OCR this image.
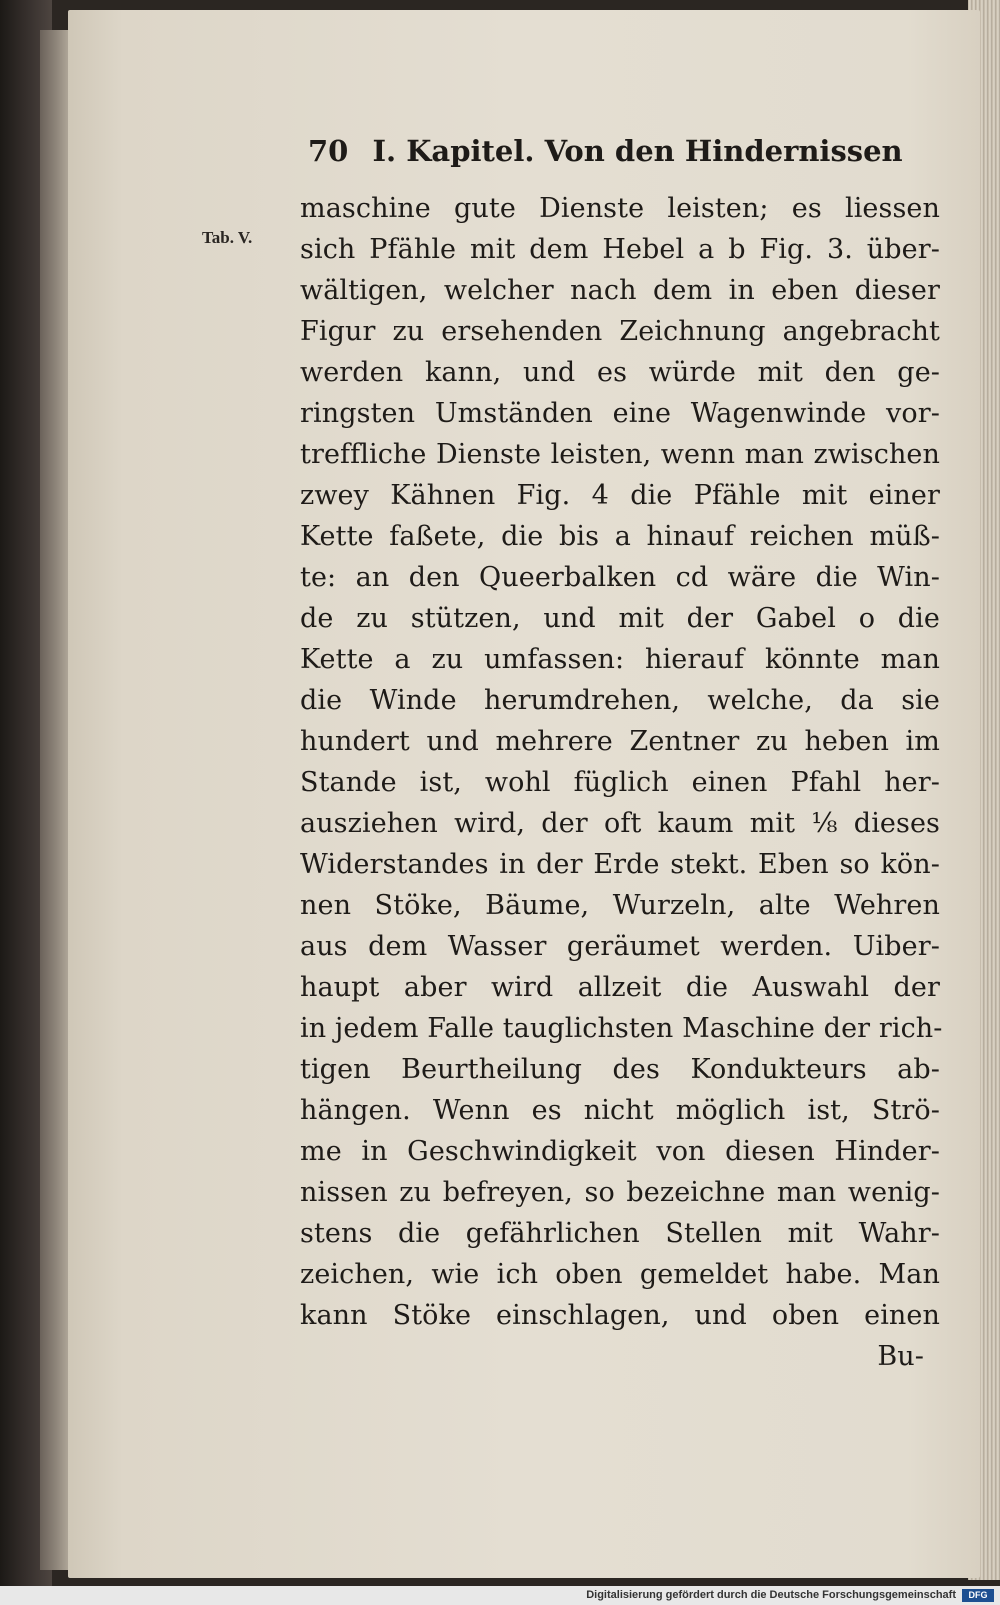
70 I. Kapitel. Von den Hindernissen
Tab. V.
maschine gute Dienste leisten; es liessen
sich Pfähle mit dem Hebel a b Fig. 3. über-
wältigen, welcher nach dem in eben dieser
Figur zu ersehenden Zeichnung angebracht
werden kann, und es würde mit den ge-
ringsten Umständen eine Wagenwinde vor-
treffliche Dienste leisten, wenn man zwischen
zwey Kähnen Fig. 4 die Pfähle mit einer
Kette faßete, die bis a hinauf reichen müß-
te: an den Queerbalken cd wäre die Win-
de zu stützen, und mit der Gabel o die
Kette a zu umfassen: hierauf könnte man
die Winde herumdrehen, welche, da sie
hundert und mehrere Zentner zu heben im
Stande ist, wohl füglich einen Pfahl her-
ausziehen wird, der oft kaum mit ⅛ dieses
Widerstandes in der Erde stekt. Eben so kön-
nen Stöke, Bäume, Wurzeln, alte Wehren
aus dem Wasser geräumet werden. Uiber-
haupt aber wird allzeit die Auswahl der
in jedem Falle tauglichsten Maschine der rich-
tigen Beurtheilung des Kondukteurs ab-
hängen. Wenn es nicht möglich ist, Strö-
me in Geschwindigkeit von diesen Hinder-
nissen zu befreyen, so bezeichne man wenig-
stens die gefährlichen Stellen mit Wahr-
zeichen, wie ich oben gemeldet habe. Man
kann Stöke einschlagen, und oben einen
Bu-
Digitalisierung gefördert durch die Deutsche Forschungsgemeinschaft	DFG
